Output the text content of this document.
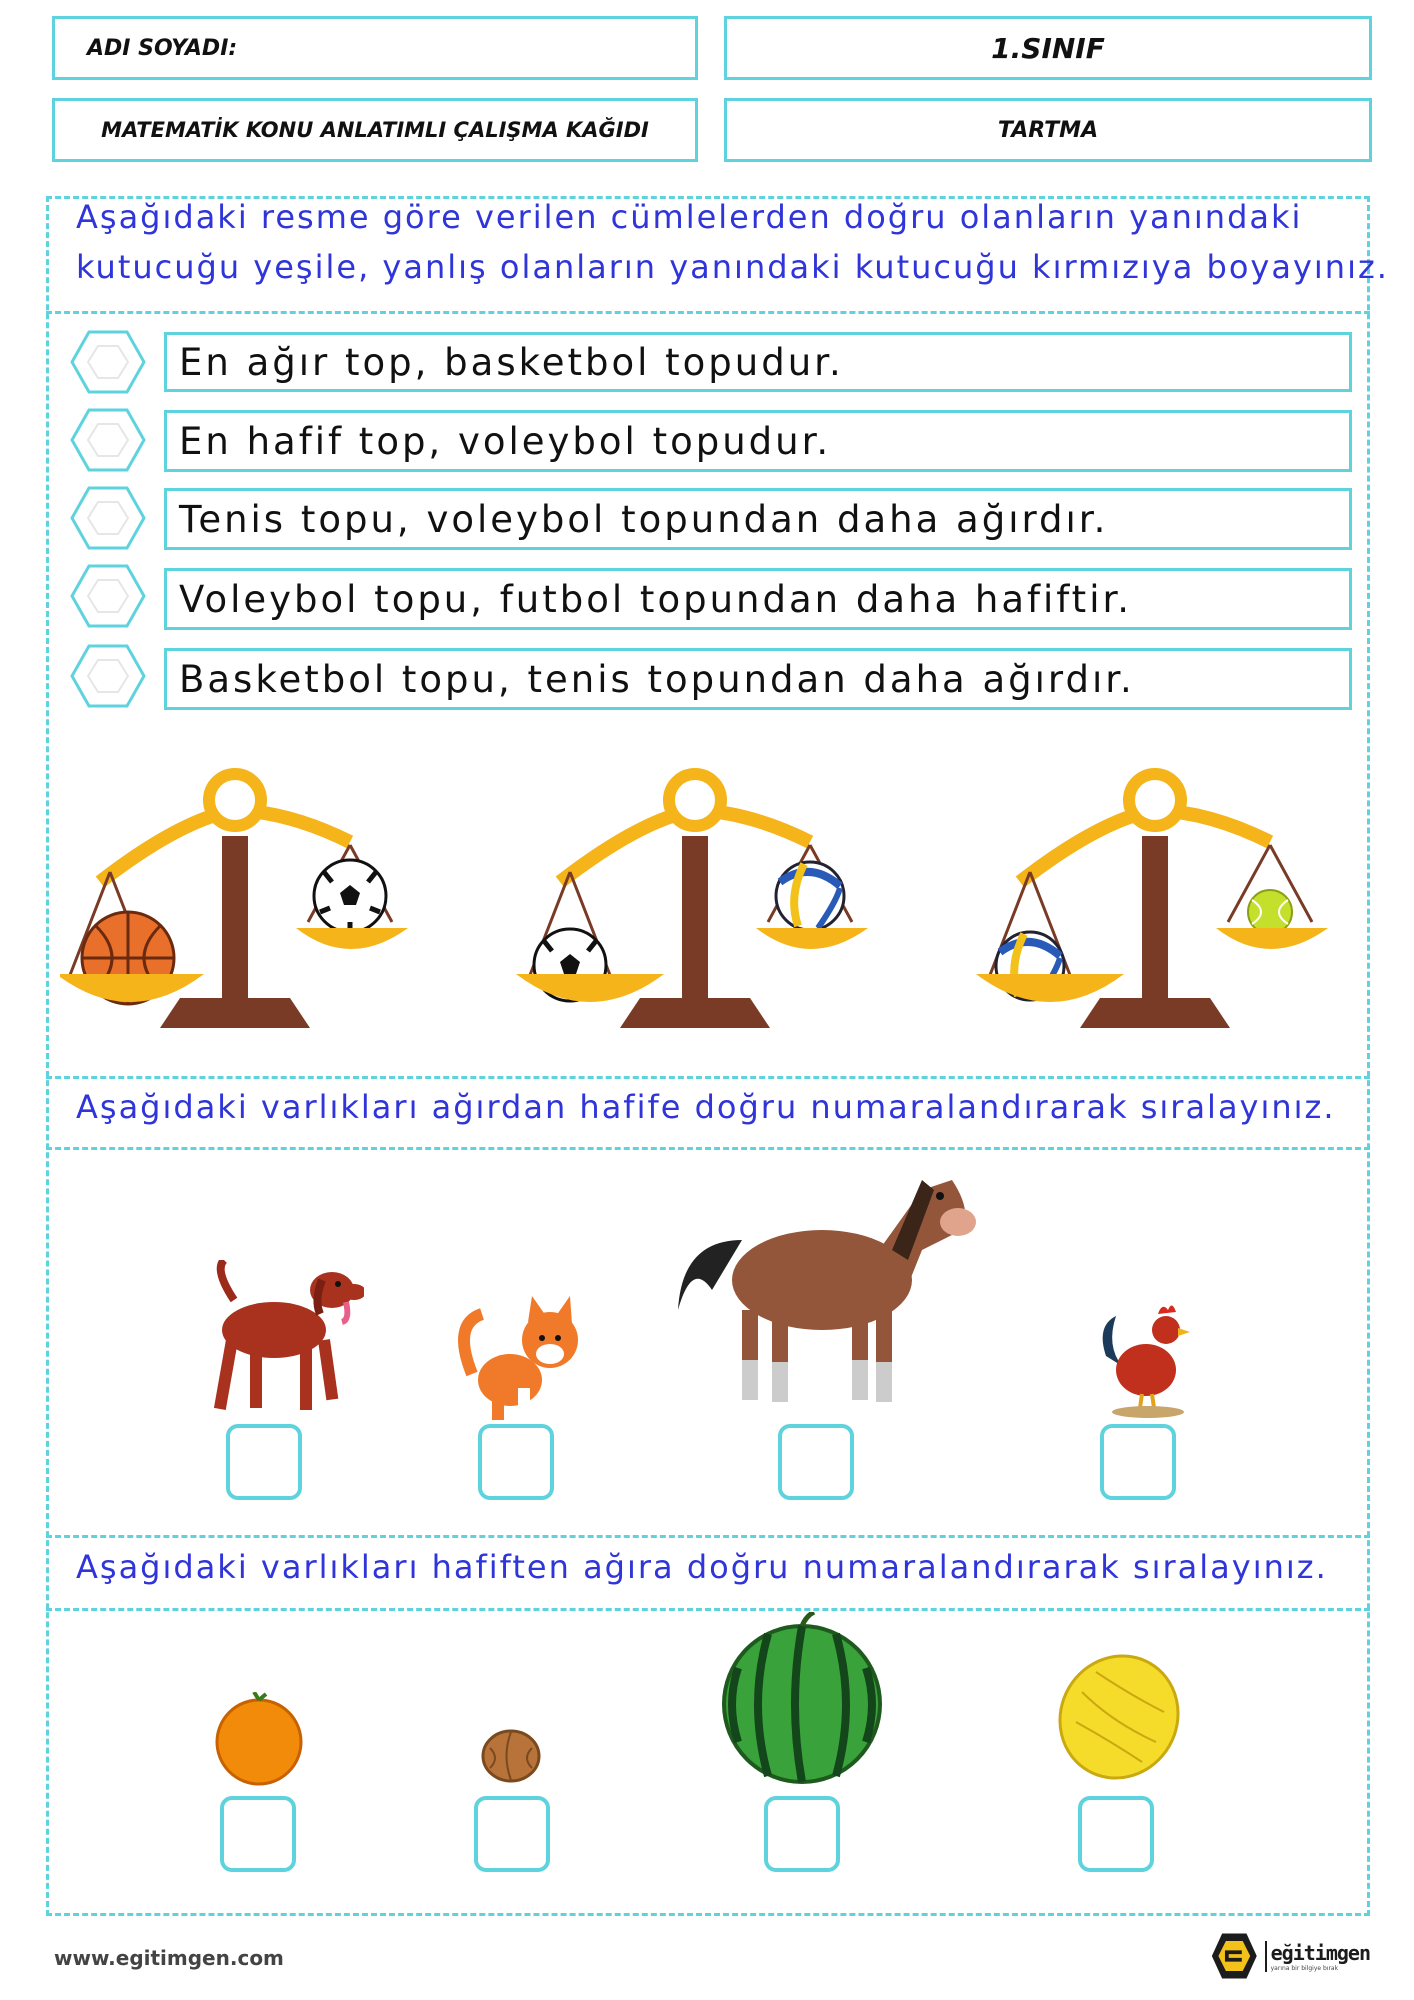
ADI SOYADI:	1.SINIF
MATEMATİK KONU ANLATIMLI ÇALIŞMA KAĞIDI	TARTMA
Aşağıdaki resme göre verilen cümlelerden doğru olanların yanındaki
kutucuğu yeşile, yanlış olanların yanındaki kutucuğu kırmızıya boyayınız.
En ağır top, basketbol topudur.
En hafif top, voleybol topudur.
Tenis topu, voleybol topundan daha ağırdır.
Voleybol topu, futbol topundan daha hafiftir.
Basketbol topu, tenis topundan daha ağırdır.
Aşağıdaki varlıkları ağırdan hafife doğru numaralandırarak sıralayınız.
Aşağıdaki varlıkları hafiften ağıra doğru numaralandırarak sıralayınız.
www.egitimgen.com	eğitimgen
yarına bir bilgiye bırak
